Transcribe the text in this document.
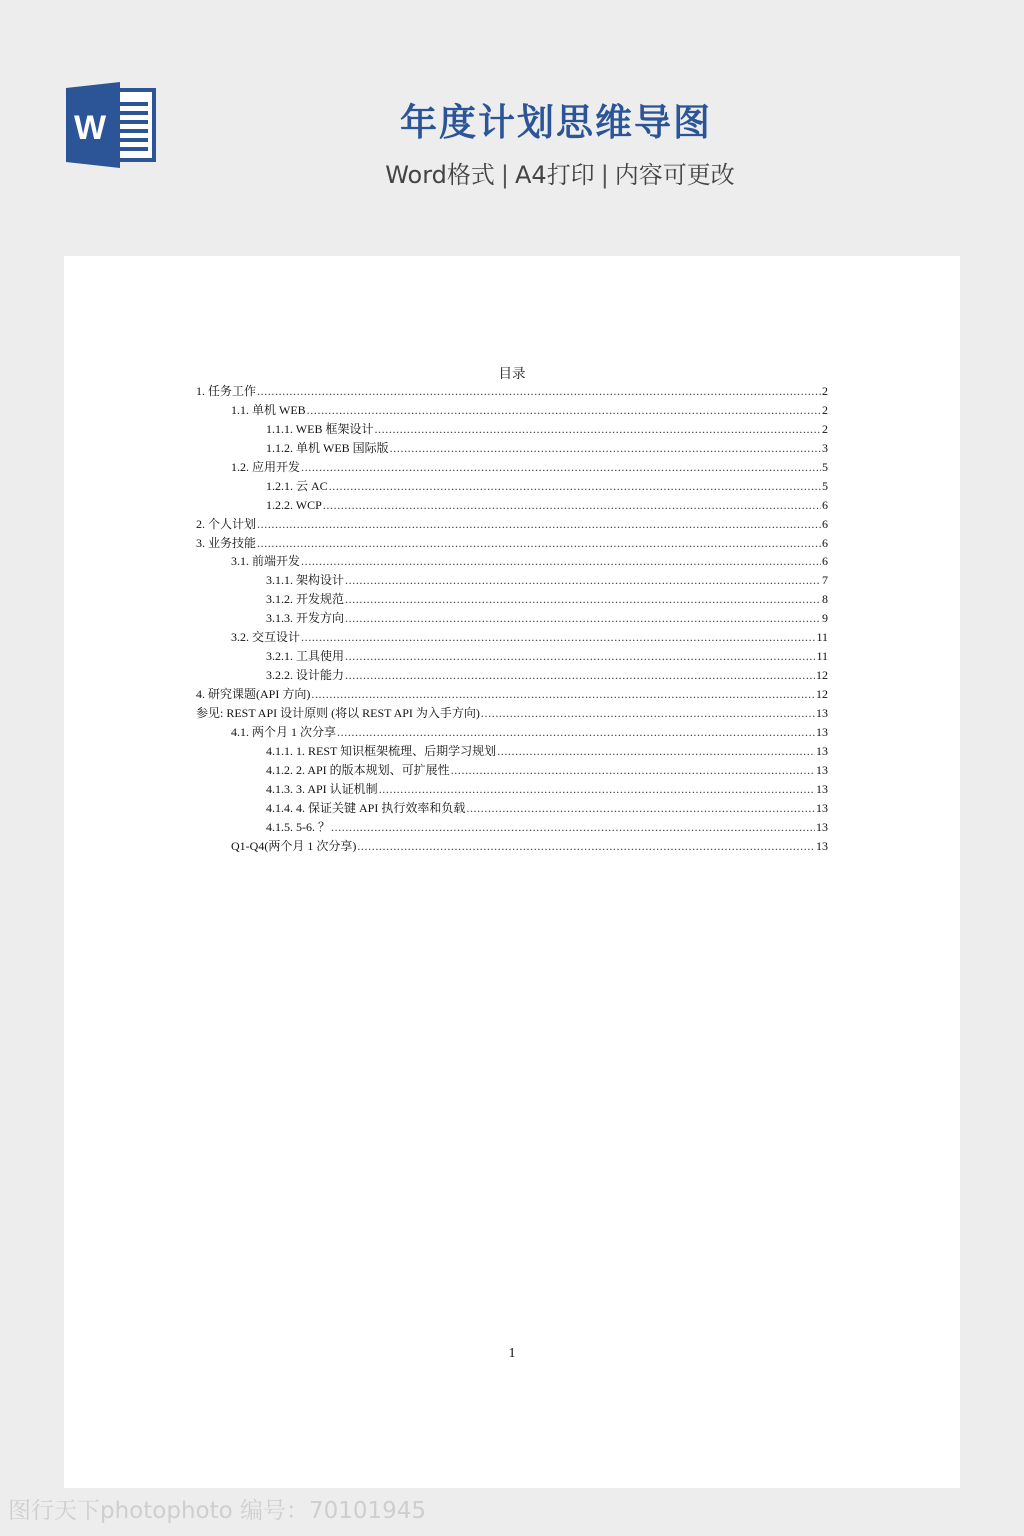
W	年度计划思维导图
Word格式 | A4打印 | 内容可更改
目录
1. 任务工作 .....	2
1.1. 单机 WEB .....	2
1.1.1. WEB 框架设计 .....	2
1.1.2. 单机 WEB 国际版 .....	3
1.2. 应用开发 .....	5
1.2.1. 云 AC .....	5
1.2.2. WCP .....	6
2. 个人计划 .....	6
3. 业务技能 .....	6
3.1. 前端开发 .....	6
3.1.1. 架构设计 .....	7
3.1.2. 开发规范 .....	8
3.1.3. 开发方向 .....	9
3.2. 交互设计 .....	11
3.2.1. 工具使用 .....	11
3.2.2. 设计能力 .....	12
4. 研究课题(API 方向) .....	12
参见: REST API 设计原则 (将以 REST API 为入手方向) .....	13
4.1. 两个月 1 次分享 .....	13
4.1.1. 1. REST 知识框架梳理、后期学习规划 .....	13
4.1.2. 2. API 的版本规划、可扩展性 .....	13
4.1.3. 3. API 认证机制 .....	13
4.1.4. 4. 保证关键 API 执行效率和负载 .....	13
4.1.5. 5-6. ？ .....	13
Q1-Q4(两个月 1 次分享) .....	13
1
图行天下photophoto 编号：70101945
